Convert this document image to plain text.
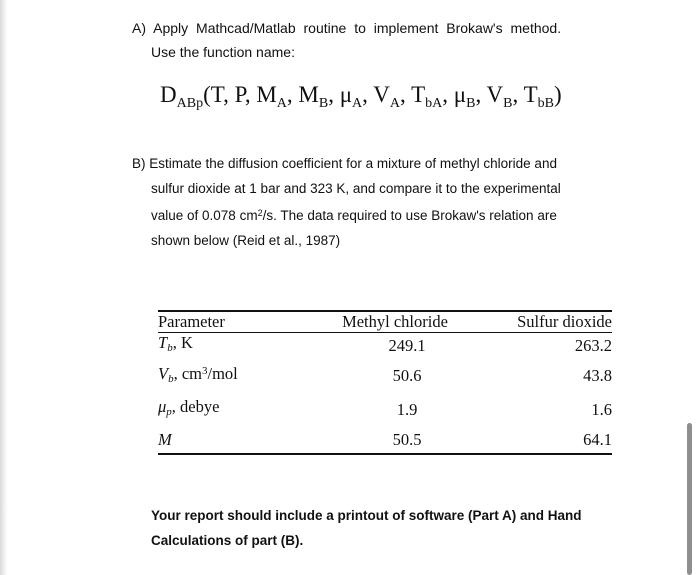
A) Apply Mathcad/Matlab routine to implement Brokaw's method.

Use the function name:

$D_{ABp}(T$, P, $M_A$, $M_B$, $\mu_A$, $V_A$, $T_{bA}$, $\mu_B$, $V_B$, $T_{bB}$)
B) Estimate the diffusion coefficient for a mixture of methyl chloride and
sulfur dioxide at 1 bar and 323 K, and compare it to the experimental
value of 0.078 $cm^2/s$. The data required to use Brokaw's relation are
shown below (Reid et al., 1987)
Parameter	Methyl chloride	Sulfur dioxide
$T_b$, K	249.1	263.2
$V_b$, $cm^3$/mol	50.6	43.8
$\mu_p$, debye	1.9	1.6
M	50.5	64.1

Your report should include a printout of software (Part A) and Hand
Calculations of part (B).
